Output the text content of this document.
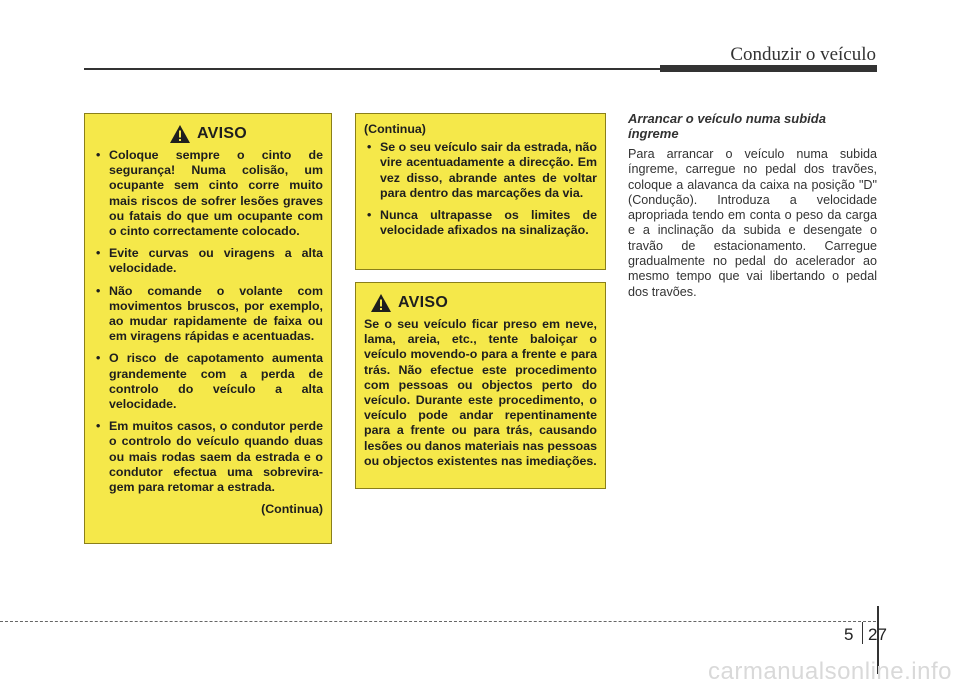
Conduzir o veículo
AVISO
• Coloque sempre o cinto de segurança! Numa colisão, um ocupante sem cinto corre muito mais riscos de sofrer lesões graves ou fatais do que um ocupante com o cinto correctamente colocado.
• Evite curvas ou viragens a alta velocidade.
• Não comande o volante com movimentos bruscos, por exemplo, ao mudar rapidamente de faixa ou em viragens rápidas e acentuadas.
• O risco de capotamento aumenta grandemente com a perda de controlo do veículo a alta velocidade.
• Em muitos casos, o condutor perde o controlo do veículo quando duas ou mais rodas saem da estrada e o condutor efectua uma sobrevira-gem para retomar a estrada.
(Continua)
(Continua)
• Se o seu veículo sair da estrada, não vire acentuadamente a direcção. Em vez disso, abrande antes de voltar para dentro das marcações da via.
• Nunca ultrapasse os limites de velocidade afixados na sinalização.
AVISO
Se o seu veículo ficar preso em neve, lama, areia, etc., tente baloiçar o veículo movendo-o para a frente e para trás. Não efectue este procedimento com pessoas ou objectos perto do veículo. Durante este procedimento, o veículo pode andar repentinamente para a frente ou para trás, causando lesões ou danos materiais nas pessoas ou objectos existentes nas imediações.

Arrancar o veículo numa subida íngreme

Para arrancar o veículo numa subida íngreme, carregue no pedal dos travões, coloque a alavanca da caixa na posição "D" (Condução). Introduza a velocidade apropriada tendo em conta o peso da carga e a inclinação da subida e desengate o travão de estacionamento. Carregue gradualmente no pedal do acelerador ao mesmo tempo que vai libertando o pedal dos travões.

5 27
carmanualsonline.info
